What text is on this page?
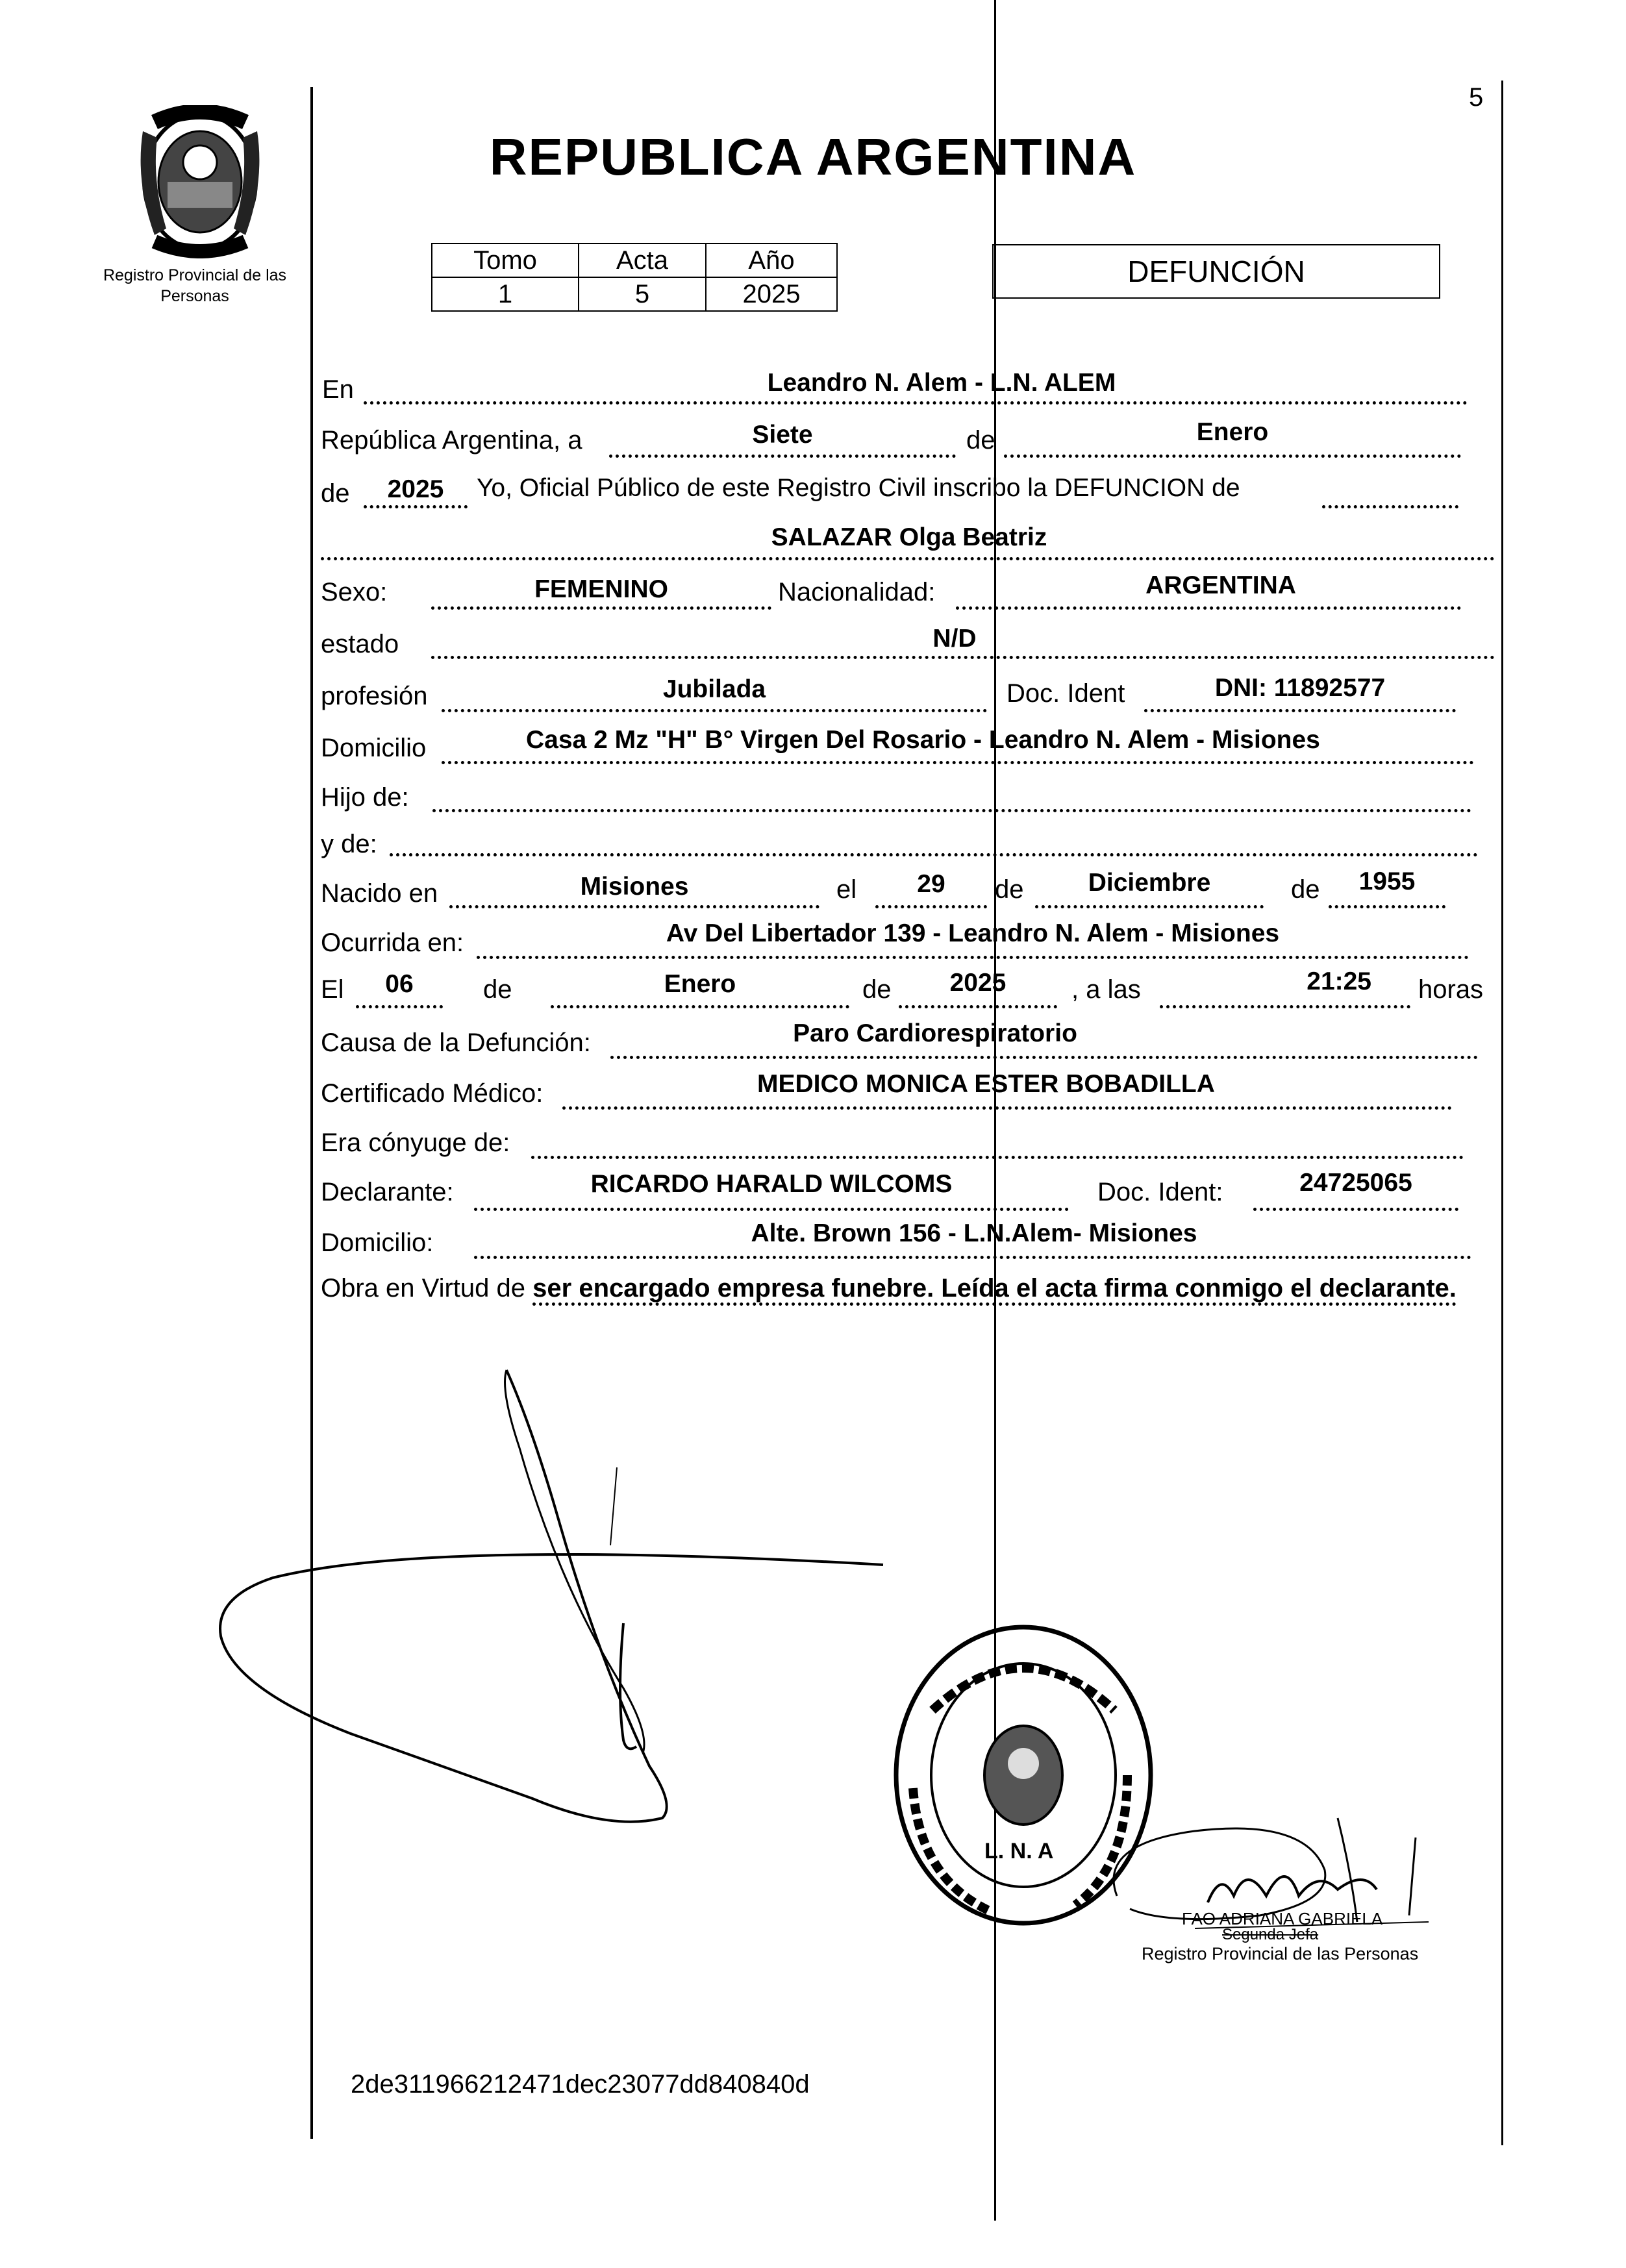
5
Registro Provincial de las Personas
REPUBLICA ARGENTINA
Tomo	Acta	Año
1	5	2025
DEFUNCIÓN
En	Leandro N. Alem - L.N. ALEM
República Argentina, a	Siete	de	Enero
de	2025	Yo, Oficial Público de este Registro Civil inscribo la DEFUNCION de
SALAZAR Olga Beatriz
Sexo:	FEMENINO	Nacionalidad:	ARGENTINA
estado	N/D
profesión	Jubilada	Doc. Ident	DNI: 11892577
Domicilio	Casa 2 Mz "H" B° Virgen Del Rosario - Leandro N. Alem - Misiones
Hijo de:
y de:
Nacido en	Misiones	el	29	de	Diciembre	de	1955
Ocurrida en:	Av Del Libertador 139 - Leandro N. Alem - Misiones
El	06	de	Enero	de	2025	, a las	21:25	horas
Causa de la Defunción:	Paro Cardiorespiratorio
Certificado Médico:	MEDICO MONICA ESTER BOBADILLA
Era cónyuge de:
Declarante:	RICARDO HARALD WILCOMS	Doc. Ident:	24725065
Domicilio:	Alte. Brown 156 - L.N.Alem- Misiones
Obra en Virtud de ser encargado empresa funebre. Leída el acta firma conmigo el declarante.
L. N. A
FAO ADRIANA GABRIELA
Segunda Jefa
Registro Provincial de las Personas
2de311966212471dec23077dd840840d
